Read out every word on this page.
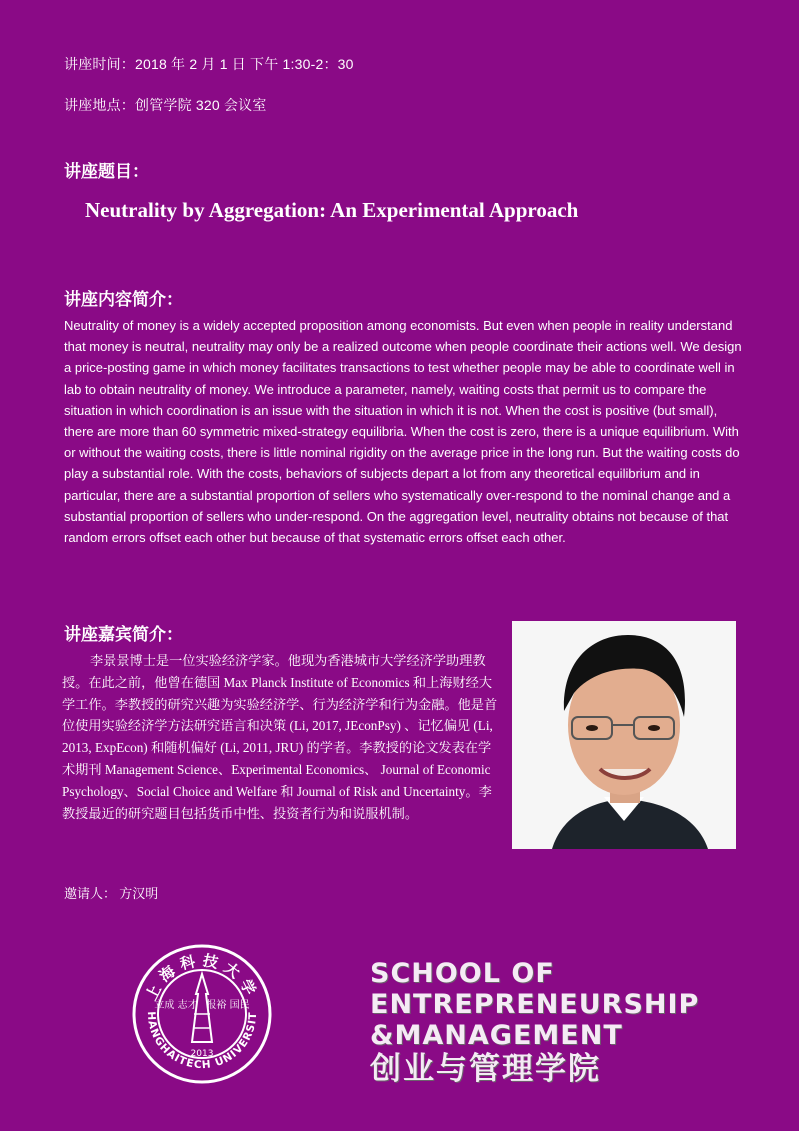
讲座时间：2018 年 2 月 1 日 下午 1:30-2：30
讲座地点：创管学院 320 会议室
讲座题目：
Neutrality by Aggregation: An Experimental Approach
讲座内容简介：
Neutrality of money is a widely accepted proposition among economists. But even when people in reality understand that money is neutral, neutrality may only be a realized outcome when people coordinate their actions well. We design a price-posting game in which money facilitates transactions to test whether people may be able to coordinate well in lab to obtain neutrality of money. We introduce a parameter, namely, waiting costs that permit us to compare the situation in which coordination is an issue with the situation in which it is not. When the cost is positive (but small), there are more than 60 symmetric mixed-strategy equilibria. When the cost is zero, there is a unique equilibrium. With or without the waiting costs, there is little nominal rigidity on the average price in the long run. But the waiting costs do play a substantial role. With the costs, behaviors of subjects depart a lot from any theoretical equilibrium and in particular, there are a substantial proportion of sellers who systematically over-respond to the nominal change and a substantial proportion of sellers who under-respond. On the aggregation level, neutrality obtains not because of that random errors offset each other but because of that systematic errors offset each other.
讲座嘉宾简介：
李景景博士是一位实验经济学家。他现为香港城市大学经济学助理教授。在此之前，他曾在德国 Max Planck Institute of Economics 和上海财经大学工作。李教授的研究兴趣为实验经济学、行为经济学和行为金融。他是首位使用实验经济学方法研究语言和决策 (Li, 2017, JEconPsy) 、记忆偏见 (Li, 2013, ExpEcon) 和随机偏好 (Li, 2011, JRU) 的学者。李教授的论文发表在学术期刊 Management Science、Experimental Economics、 Journal of Economic Psychology、Social Choice and Welfare 和 Journal of Risk and Uncertainty。李教授最近的研究题目包括货币中性、投资者行为和说服机制。
邀请人： 方汉明
上海科技大学
HANGHAITECH UNIVERSIT
立成 志才 报裕 国民
2013
SCHOOL OF
ENTREPRENEURSHIP
&MANAGEMENT
创业与管理学院
